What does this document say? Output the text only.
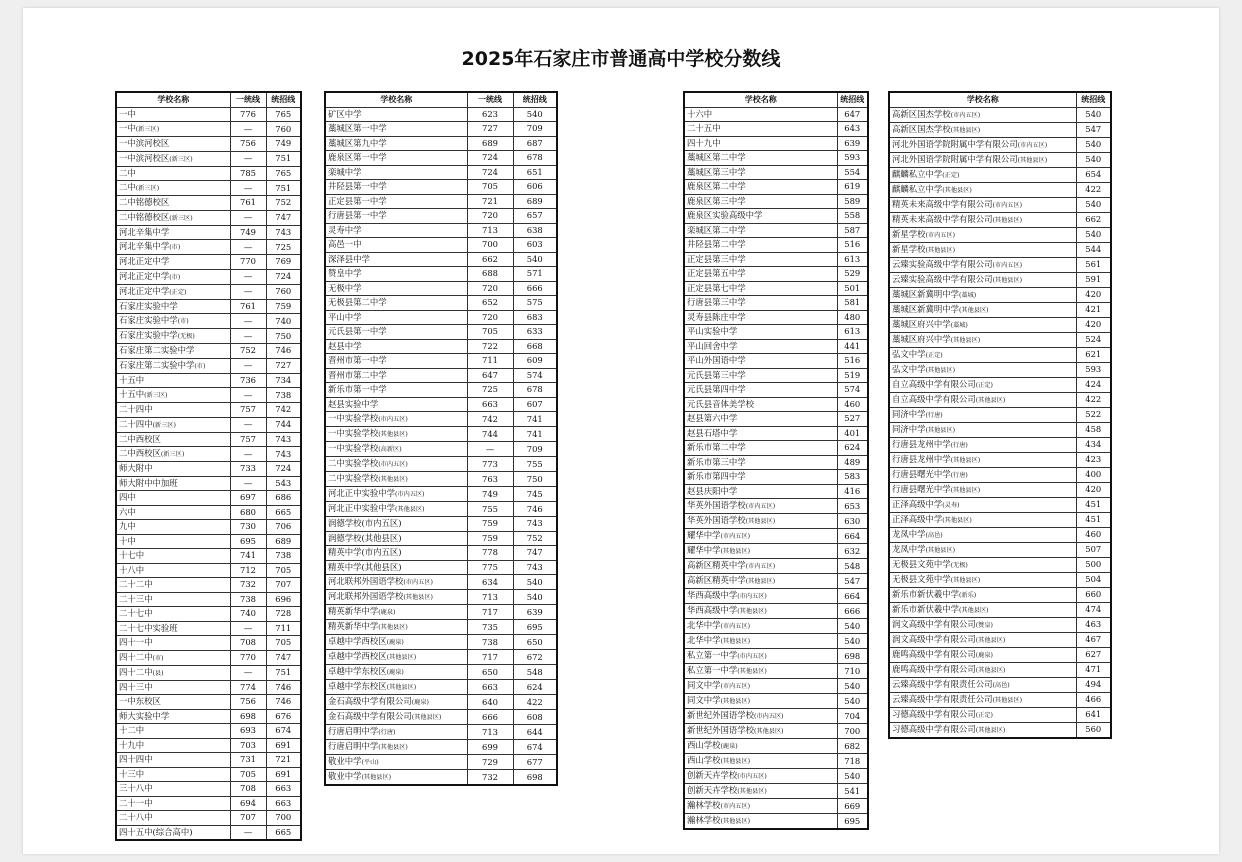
2025年石家庄市普通高中学校分数线
学校名称	一统线	统招线
一中	776	765
一中(新三区)	—	760
一中滨河校区	756	749
一中滨河校区(新三区)	—	751
二中	785	765
二中(新三区)	—	751
二中铭德校区	761	752
二中铭德校区(新三区)	—	747
河北辛集中学	749	743
河北辛集中学(市)	—	725
河北正定中学	770	769
河北正定中学(市)	—	724
河北正定中学(正定)	—	760
石家庄实验中学	761	759
石家庄实验中学(市)	—	740
石家庄实验中学(无极)	—	750
石家庄第二实验中学	752	746
石家庄第二实验中学(市)	—	727
十五中	736	734
十五中(新三区)	—	738
二十四中	757	742
二十四中(新三区)	—	744
二中西校区	757	743
二中西校区(新三区)	—	743
师大附中	733	724
师大附中中加班	—	543
四中	697	686
六中	680	665
九中	730	706
十中	695	689
十七中	741	738
十八中	712	705
二十二中	732	707
二十三中	738	696
二十七中	740	728
二十七中实验班	—	711
四十一中	708	705
四十二中(市)	770	747
四十二中(县)	—	751
四十三中	774	746
一中东校区	756	746
师大实验中学	698	676
十二中	693	674
十九中	703	691
四十四中	731	721
十三中	705	691
三十八中	708	663
二十一中	694	663
二十八中	707	700
四十五中(综合高中)	—	665
学校名称	一统线	统招线
矿区中学	623	540
藁城区第一中学	727	709
藁城区第九中学	689	687
鹿泉区第一中学	724	678
栾城中学	724	651
井陉县第一中学	705	606
正定县第一中学	721	689
行唐县第一中学	720	657
灵寿中学	713	638
高邑一中	700	603
深泽县中学	662	540
赞皇中学	688	571
无极中学	720	666
无极县第二中学	652	575
平山中学	720	683
元氏县第一中学	705	633
赵县中学	722	668
晋州市第一中学	711	609
晋州市第二中学	647	574
新乐市第一中学	725	678
赵县实验中学	663	607
一中实验学校(市内五区)	742	741
一中实验学校(其他县区)	744	741
一中实验学校(高新区)	—	709
二中实验学校(市内五区)	773	755
二中实验学校(其他县区)	763	750
河北正中实验中学(市内五区)	749	745
河北正中实验中学(其他县区)	755	746
润德学校(市内五区)	759	743
润德学校(其他县区)	759	752
精英中学(市内五区)	778	747
精英中学(其他县区)	775	743
河北联邦外国语学校(市内五区)	634	540
河北联邦外国语学校(其他县区)	713	540
精英新华中学(鹿泉)	717	639
精英新华中学(其他县区)	735	695
卓越中学西校区(鹿泉)	738	650
卓越中学西校区(其他县区)	717	672
卓越中学东校区(鹿泉)	650	548
卓越中学东校区(其他县区)	663	624
金石高级中学有限公司(鹿泉)	640	422
金石高级中学有限公司(其他县区)	666	608
行唐启明中学(行唐)	713	644
行唐启明中学(其他县区)	699	674
敬业中学(平山)	729	677
敬业中学(其他县区)	732	698
学校名称	统招线
十六中	647
二十五中	643
四十九中	639
藁城区第二中学	593
藁城区第三中学	554
鹿泉区第二中学	619
鹿泉区第三中学	589
鹿泉区实验高级中学	558
栾城区第二中学	587
井陉县第二中学	516
正定县第三中学	613
正定县第五中学	529
正定县第七中学	501
行唐县第三中学	581
灵寿县陈庄中学	480
平山实验中学	613
平山回舍中学	441
平山外国语中学	516
元氏县第三中学	519
元氏县第四中学	574
元氏县音体美学校	460
赵县第六中学	527
赵县石塔中学	401
新乐市第二中学	624
新乐市第三中学	489
新乐市第四中学	583
赵县庆阳中学	416
华英外国语学校(市内五区)	653
华英外国语学校(其他县区)	630
耀华中学(市内五区)	664
耀华中学(其他县区)	632
高新区精英中学(市内五区)	548
高新区精英中学(其他县区)	547
华西高级中学(市内五区)	664
华西高级中学(其他县区)	666
北华中学(市内五区)	540
北华中学(其他县区)	540
私立第一中学(市内五区)	698
私立第一中学(其他县区)	710
同文中学(市内五区)	540
同文中学(其他县区)	540
新世纪外国语学校(市内五区)	704
新世纪外国语学校(其他县区)	700
西山学校(鹿泉)	682
西山学校(其他县区)	718
创新天卉学校(市内五区)	540
创新天卉学校(其他县区)	541
瀚林学校(市内五区)	669
瀚林学校(其他县区)	695
学校名称	统招线
高新区国杰学校(市内五区)	540
高新区国杰学校(其他县区)	547
河北外国语学院附属中学有限公司(市内五区)	540
河北外国语学院附属中学有限公司(其他县区)	540
麒麟私立中学(正定)	654
麒麟私立中学(其他县区)	422
精英未来高级中学有限公司(市内五区)	540
精英未来高级中学有限公司(其他县区)	662
新星学校(市内五区)	540
新星学校(其他县区)	544
云臻实验高级中学有限公司(市内五区)	561
云臻实验高级中学有限公司(其他县区)	591
藁城区新冀明中学(藁城)	420
藁城区新冀明中学(其他县区)	421
藁城区府兴中学(藁城)	420
藁城区府兴中学(其他县区)	524
弘文中学(正定)	621
弘文中学(其他县区)	593
自立高级中学有限公司(正定)	424
自立高级中学有限公司(其他县区)	422
同济中学(行唐)	522
同济中学(其他县区)	458
行唐县龙州中学(行唐)	434
行唐县龙州中学(其他县区)	423
行唐县曙光中学(行唐)	400
行唐县曙光中学(其他县区)	420
正泽高级中学(灵寿)	451
正泽高级中学(其他县区)	451
龙凤中学(高邑)	460
龙凤中学(其他县区)	507
无极县文苑中学(无极)	500
无极县文苑中学(其他县区)	504
新乐市新伏羲中学(新乐)	660
新乐市新伏羲中学(其他县区)	474
润文高级中学有限公司(赞皇)	463
润文高级中学有限公司(其他县区)	467
鹿鸣高级中学有限公司(鹿泉)	627
鹿鸣高级中学有限公司(其他县区)	471
云臻高级中学有限责任公司(高邑)	494
云臻高级中学有限责任公司(其他县区)	466
习德高级中学有限公司(正定)	641
习德高级中学有限公司(其他县区)	560
